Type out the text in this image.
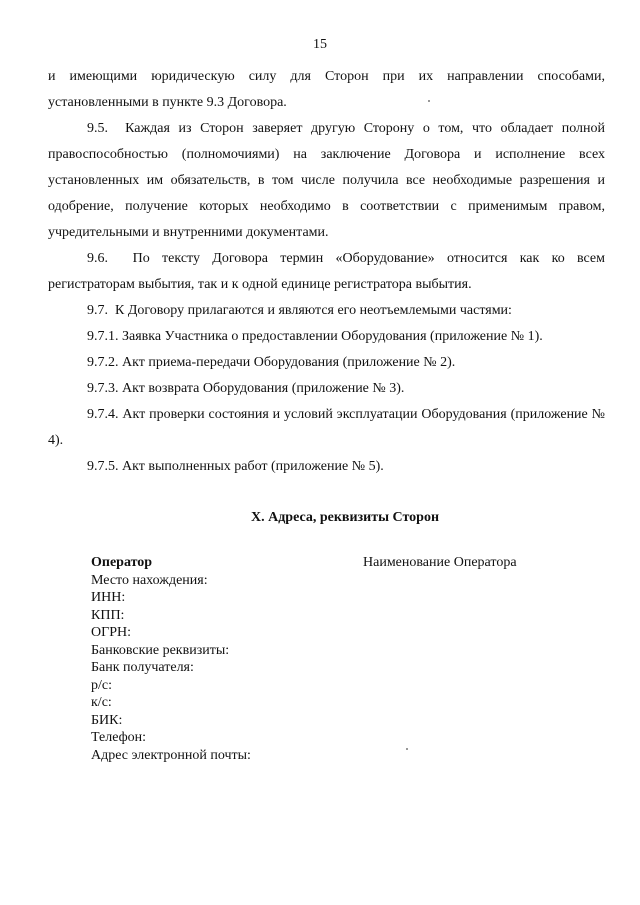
15

и имеющими юридическую силу для Сторон при их направлении способами, установленными в пункте 9.3 Договора.

9.5.  Каждая из Сторон заверяет другую Сторону о том, что обладает полной правоспособностью (полномочиями) на заключение Договора и исполнение всех установленных им обязательств, в том числе получила все необходимые разрешения и одобрение, получение которых необходимо в соответствии с применимым правом, учредительными и внутренними документами.

9.6.  По тексту Договора термин «Оборудование» относится как ко всем регистраторам выбытия, так и к одной единице регистратора выбытия.

9.7.  К Договору прилагаются и являются его неотъемлемыми частями:

9.7.1. Заявка Участника о предоставлении Оборудования (приложение № 1).

9.7.2. Акт приема-передачи Оборудования (приложение № 2).

9.7.3. Акт возврата Оборудования (приложение № 3).

9.7.4. Акт проверки состояния и условий эксплуатации Оборудования (приложение № 4).

9.7.5. Акт выполненных работ (приложение № 5).

X. Адреса, реквизиты Сторон
Оператор	Наименование Оператора
Место нахождения:
ИНН:
КПП:
ОГРН:
Банковские реквизиты:
Банк получателя:
р/с:
к/с:
БИК:
Телефон:
Адрес электронной почты:
